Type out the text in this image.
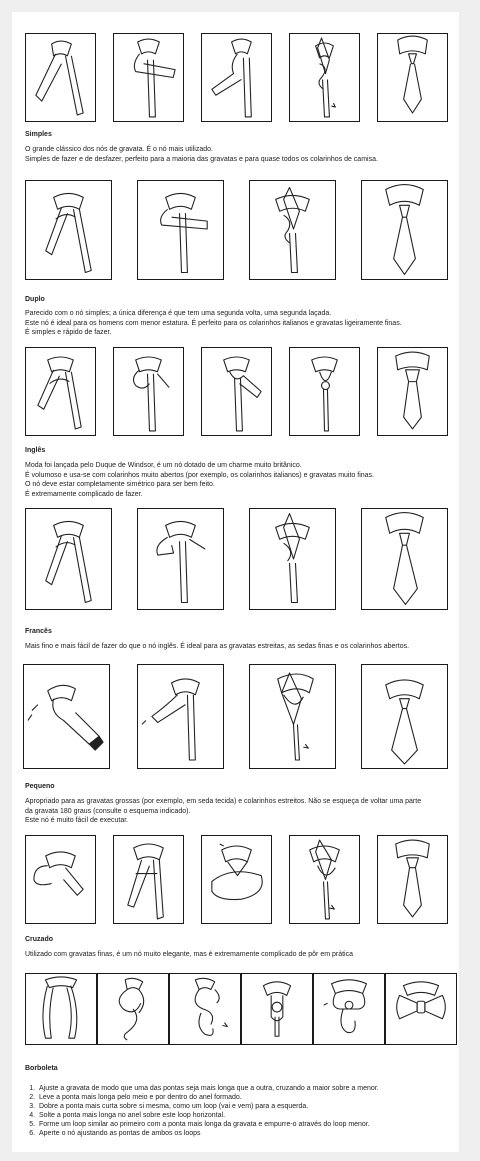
Simples

O grande clássico dos nós de gravata. É o nó mais utilizado.

Simples de fazer e de desfazer, perfeito para a maioria das gravatas e para quase todos os colarinhos de camisa.

Duplo

Parecido com o nó simples; a única diferença é que tem uma segunda volta, uma segunda laçada.

Este nó é ideal para os homens com menor estatura. É perfeito para os colarinhos italianos e gravatas ligeiramente finas.

É simples e rápido de fazer.

Inglês

Moda foi lançada pelo Duque de Windsor, é um nó dotado de um charme muito britânico.

É volumoso e usa-se com colarinhos muito abertos (por exemplo, os colarinhos italianos) e gravatas muito finas.

O nó deve estar completamente simétrico para ser bem feito.

É extremamente complicado de fazer.

Francês

Mais fino e mais fácil de fazer do que o nó inglês. É ideal para as gravatas estreitas, as sedas finas e os colarinhos abertos.

Pequeno

Apropriado para as gravatas grossas (por exemplo, em seda tecida) e colarinhos estreitos. Não se esqueça de voltar uma parte

da gravata 180 graus (consulte o esquema indicado).

Este nó é muito fácil de executar.

Cruzado

Utilizado com gravatas finas, é um nó muito elegante, mas é extremamente complicado de pôr em prática

Borboleta
1. Ajuste a gravata de modo que uma das pontas seja mais longa que a outra, cruzando a maior sobre a menor.
2. Leve a ponta mais longa pelo meio e por dentro do anel formado.
3. Dobre a ponta mais curta sobre si mesma, como um loop (vai e vem) para a esquerda.
4. Solte a ponta mais longa no anel sobre este loop horizontal.
5. Forme um loop similar ao primeiro com a ponta mais longa da gravata e empurre-o através do loop menor.
6. Aperte o nó ajustando as pontas de ambos os loops
